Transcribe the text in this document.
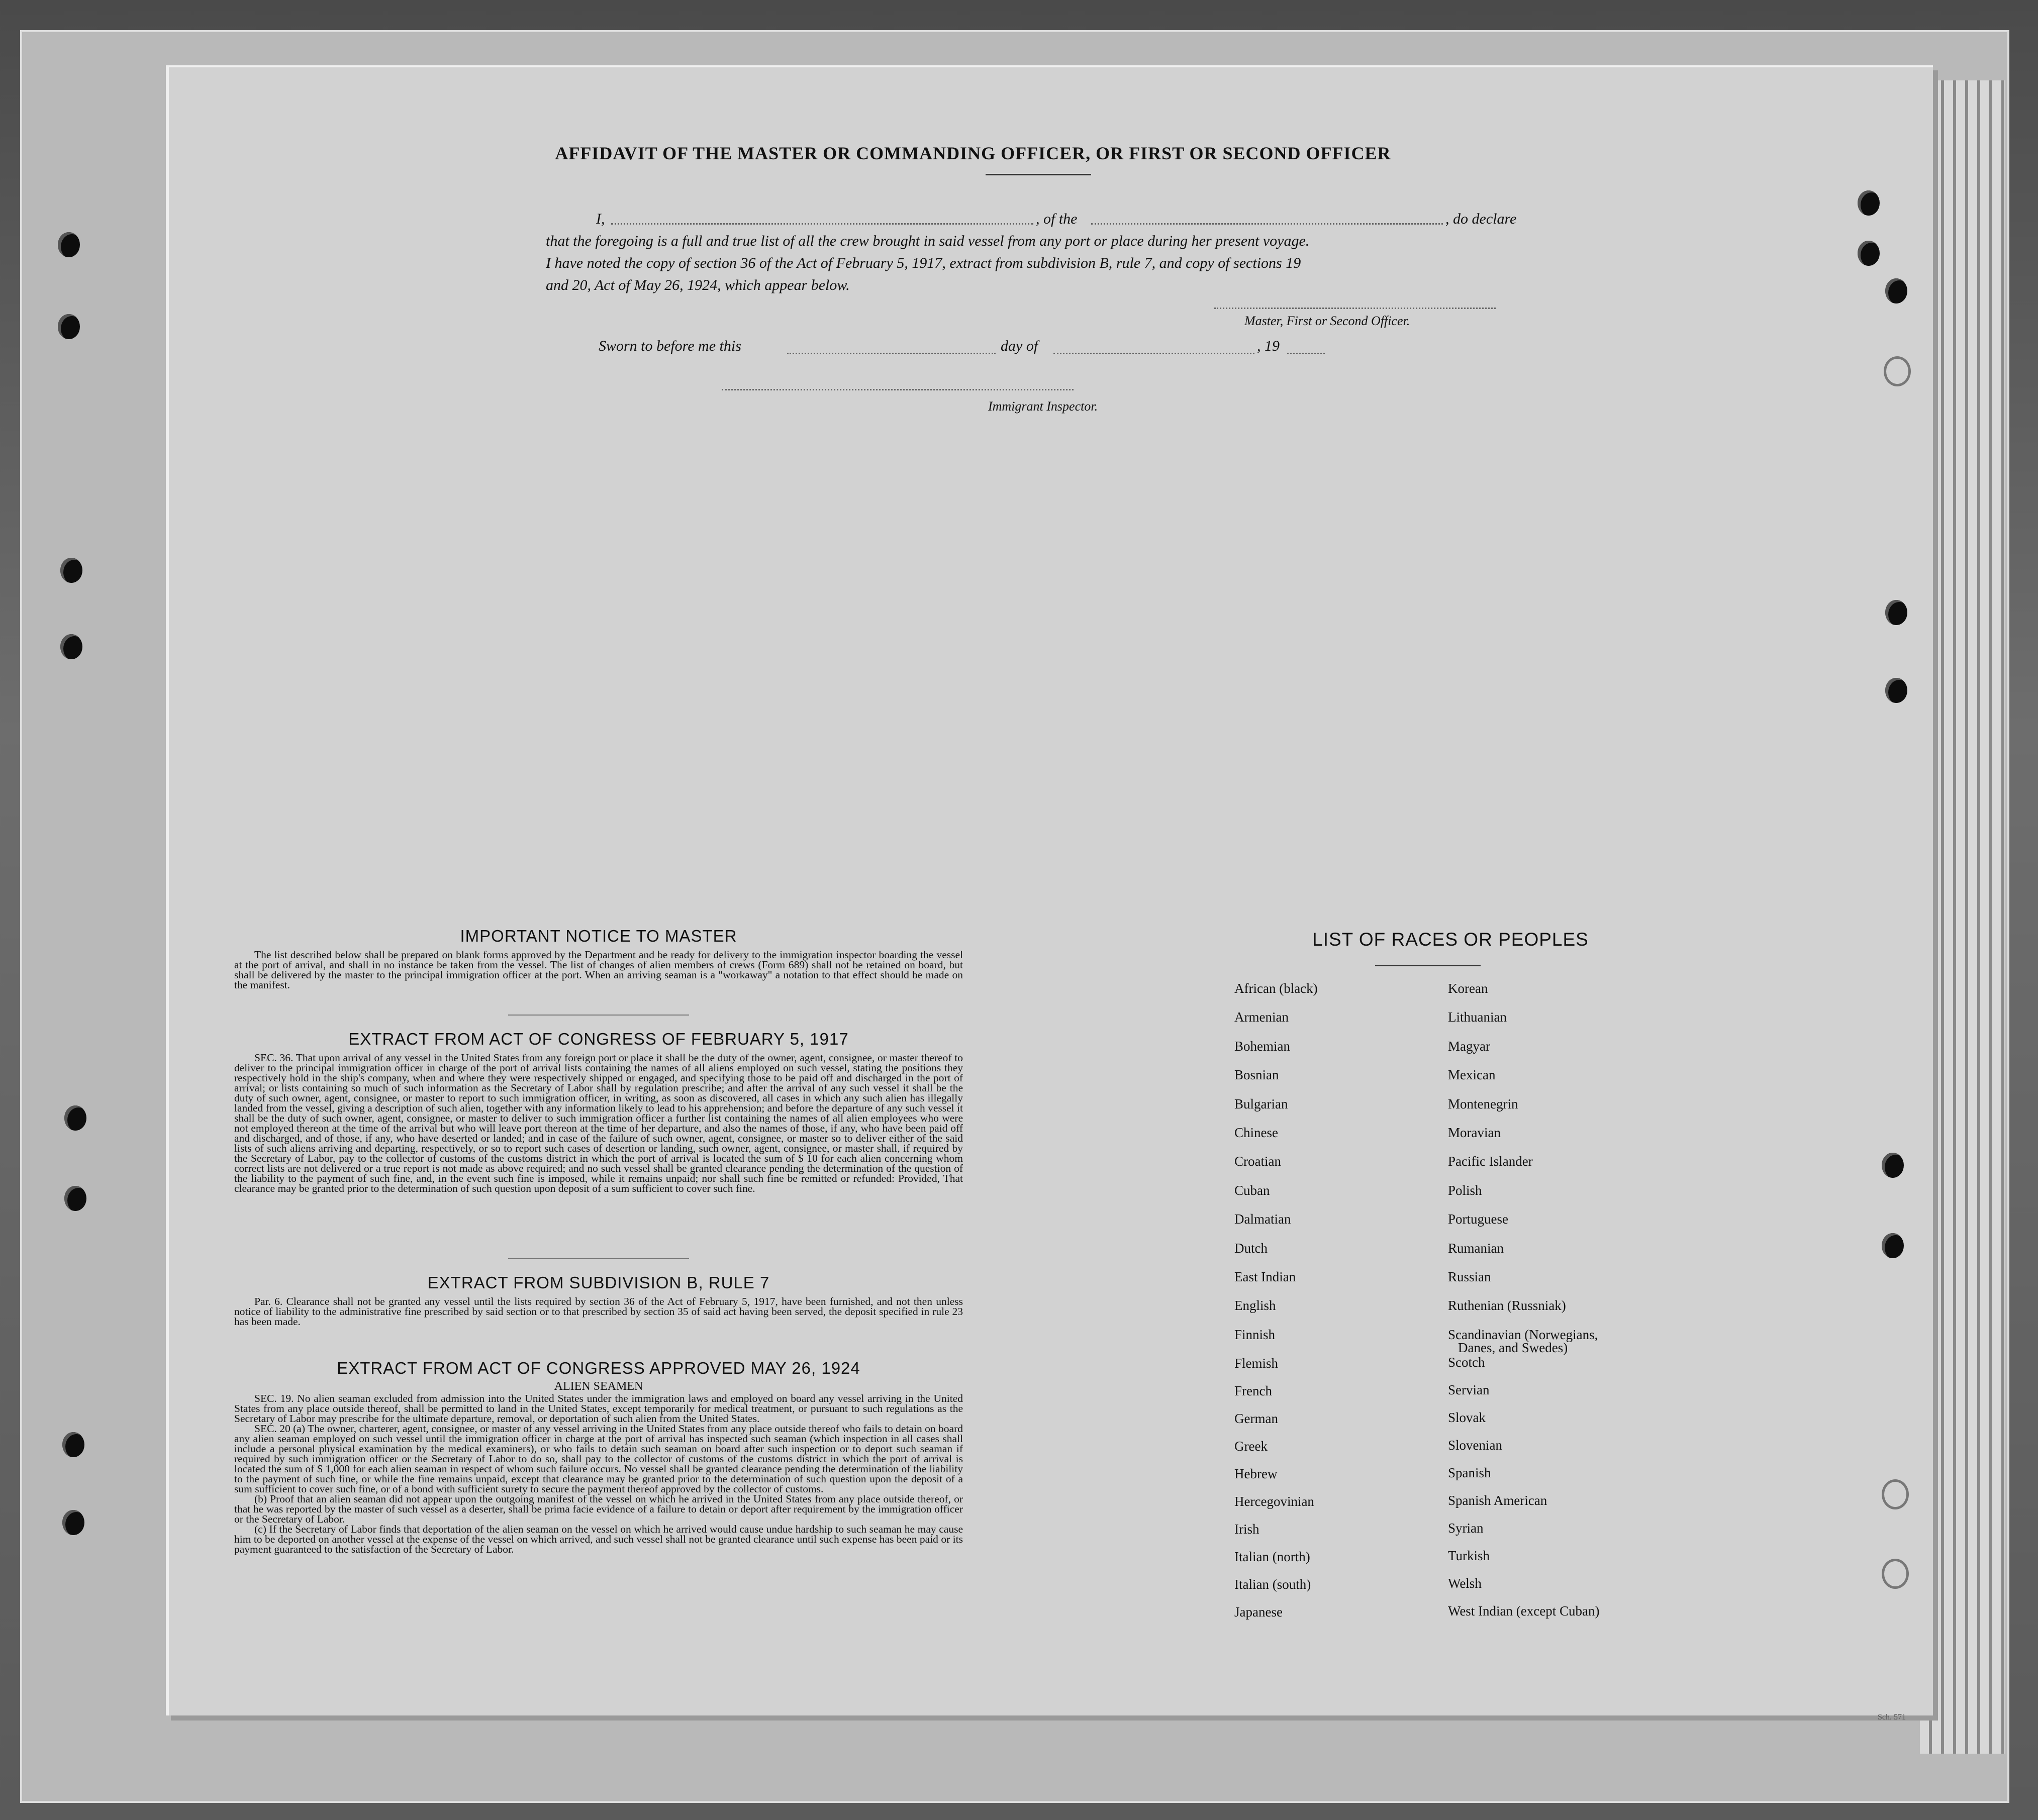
AFFIDAVIT OF THE MASTER OR COMMANDING OFFICER, OR FIRST OR SECOND OFFICER
I,	, of the	, do declare
that the foregoing is a full and true list of all the crew brought in said vessel from any port or place during her present voyage.
I have noted the copy of section 36 of the Act of February 5, 1917, extract from subdivision B, rule 7, and copy of sections 19
and 20, Act of May 26, 1924, which appear below.
Master, First or Second Officer.
Sworn to before me this	day of	, 19
Immigrant Inspector.
IMPORTANT NOTICE TO MASTER
The list described below shall be prepared on blank forms approved by the Department and be ready for delivery to the immigration inspector boarding the vessel at the port of arrival, and shall in no instance be taken from the vessel. The list of changes of alien members of crews (Form 689) shall not be retained on board, but shall be delivered by the master to the principal immigration officer at the port. When an arriving seaman is a "workaway" a notation to that effect should be made on the manifest.
EXTRACT FROM ACT OF CONGRESS OF FEBRUARY 5, 1917
SEC. 36. That upon arrival of any vessel in the United States from any foreign port or place it shall be the duty of the owner, agent, consignee, or master thereof to deliver to the principal immigration officer in charge of the port of arrival lists containing the names of all aliens employed on such vessel, stating the positions they respectively hold in the ship's company, when and where they were respectively shipped or engaged, and specifying those to be paid off and discharged in the port of arrival; or lists containing so much of such information as the Secretary of Labor shall by regulation prescribe; and after the arrival of any such vessel it shall be the duty of such owner, agent, consignee, or master to report to such immigration officer, in writing, as soon as discovered, all cases in which any such alien has illegally landed from the vessel, giving a description of such alien, together with any information likely to lead to his apprehension; and before the departure of any such vessel it shall be the duty of such owner, agent, consignee, or master to deliver to such immigration officer a further list containing the names of all alien employees who were not employed thereon at the time of the arrival but who will leave port thereon at the time of her departure, and also the names of those, if any, who have been paid off and discharged, and of those, if any, who have deserted or landed; and in case of the failure of such owner, agent, consignee, or master so to deliver either of the said lists of such aliens arriving and departing, respectively, or so to report such cases of desertion or landing, such owner, agent, consignee, or master shall, if required by the Secretary of Labor, pay to the collector of customs of the customs district in which the port of arrival is located the sum of $ 10 for each alien concerning whom correct lists are not delivered or a true report is not made as above required; and no such vessel shall be granted clearance pending the determination of the question of the liability to the payment of such fine, and, in the event such fine is imposed, while it remains unpaid; nor shall such fine be remitted or refunded: Provided, That clearance may be granted prior to the determination of such question upon deposit of a sum sufficient to cover such fine.
EXTRACT FROM SUBDIVISION B, RULE 7
Par. 6. Clearance shall not be granted any vessel until the lists required by section 36 of the Act of February 5, 1917, have been furnished, and not then unless notice of liability to the administrative fine prescribed by said section or to that prescribed by section 35 of said act having been served, the deposit specified in rule 23 has been made.
EXTRACT FROM ACT OF CONGRESS APPROVED MAY 26, 1924
ALIEN SEAMEN
SEC. 19. No alien seaman excluded from admission into the United States under the immigration laws and employed on board any vessel arriving in the United States from any place outside thereof, shall be permitted to land in the United States, except temporarily for medical treatment, or pursuant to such regulations as the Secretary of Labor may prescribe for the ultimate departure, removal, or deportation of such alien from the United States.
SEC. 20 (a) The owner, charterer, agent, consignee, or master of any vessel arriving in the United States from any place outside thereof who fails to detain on board any alien seaman employed on such vessel until the immigration officer in charge at the port of arrival has inspected such seaman (which inspection in all cases shall include a personal physical examination by the medical examiners), or who fails to detain such seaman on board after such inspection or to deport such seaman if required by such immigration officer or the Secretary of Labor to do so, shall pay to the collector of customs of the customs district in which the port of arrival is located the sum of $ 1,000 for each alien seaman in respect of whom such failure occurs. No vessel shall be granted clearance pending the determination of the liability to the payment of such fine, or while the fine remains unpaid, except that clearance may be granted prior to the determination of such question upon the deposit of a sum sufficient to cover such fine, or of a bond with sufficient surety to secure the payment thereof approved by the collector of customs.
(b) Proof that an alien seaman did not appear upon the outgoing manifest of the vessel on which he arrived in the United States from any place outside thereof, or that he was reported by the master of such vessel as a deserter, shall be prima facie evidence of a failure to detain or deport after requirement by the immigration officer or the Secretary of Labor.
(c) If the Secretary of Labor finds that deportation of the alien seaman on the vessel on which he arrived would cause undue hardship to such seaman he may cause him to be deported on another vessel at the expense of the vessel on which arrived, and such vessel shall not be granted clearance until such expense has been paid or its payment guaranteed to the satisfaction of the Secretary of Labor.
LIST OF RACES OR PEOPLES
African (black)
Armenian
Bohemian
Bosnian
Bulgarian
Chinese
Croatian
Cuban
Dalmatian
Dutch
East Indian
English
Finnish
Flemish
French
German
Greek
Hebrew
Hercegovinian
Irish
Italian (north)
Italian (south)
Japanese
Korean
Lithuanian
Magyar
Mexican
Montenegrin
Moravian
Pacific Islander
Polish
Portuguese
Rumanian
Russian
Ruthenian (Russniak)
Scandinavian (Norwegians,
Danes, and Swedes)
Scotch
Servian
Slovak
Slovenian
Spanish
Spanish American
Syrian
Turkish
Welsh
West Indian (except Cuban)
Sch. 571
